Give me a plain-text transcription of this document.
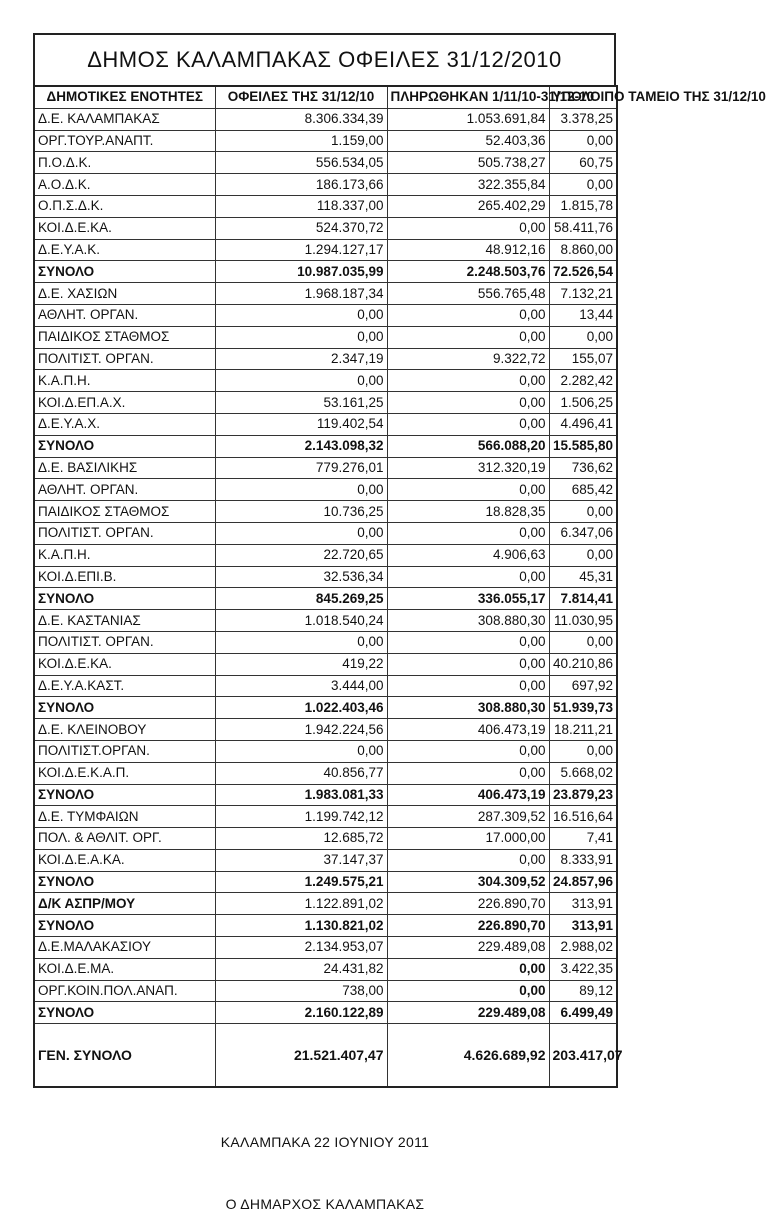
ΔΗΜΟΣ ΚΑΛΑΜΠΑΚΑΣ ΟΦΕΙΛΕΣ 31/12/2010
ΔΗΜΟΤΙΚΕΣ ΕΝΟΤΗΤΕΣ	ΟΦΕΙΛΕΣ ΤΗΣ 31/12/10	ΠΛΗΡΩΘΗΚΑΝ 1/11/10-31/12-10	ΥΠΟΛΟΙΠΟ ΤΑΜΕΙΟ ΤΗΣ 31/12/10
Δ.Ε. ΚΑΛΑΜΠΑΚΑΣ	8.306.334,39	1.053.691,84	3.378,25
ΟΡΓ.ΤΟΥΡ.ΑΝΑΠΤ.	1.159,00	52.403,36	0,00
Π.Ο.Δ.Κ.	556.534,05	505.738,27	60,75
Α.Ο.Δ.Κ.	186.173,66	322.355,84	0,00
Ο.Π.Σ.Δ.Κ.	118.337,00	265.402,29	1.815,78
ΚΟΙ.Δ.Ε.ΚΑ.	524.370,72	0,00	58.411,76
Δ.Ε.Υ.Α.Κ.	1.294.127,17	48.912,16	8.860,00
ΣΥΝΟΛΟ	10.987.035,99	2.248.503,76	72.526,54
Δ.Ε. ΧΑΣΙΩΝ	1.968.187,34	556.765,48	7.132,21
ΑΘΛΗΤ. ΟΡΓΑΝ.	0,00	0,00	13,44
ΠΑΙΔΙΚΟΣ ΣΤΑΘΜΟΣ	0,00	0,00	0,00
ΠΟΛΙΤΙΣΤ. ΟΡΓΑΝ.	2.347,19	9.322,72	155,07
Κ.Α.Π.Η.	0,00	0,00	2.282,42
ΚΟΙ.Δ.ΕΠ.Α.Χ.	53.161,25	0,00	1.506,25
Δ.Ε.Υ.Α.Χ.	119.402,54	0,00	4.496,41
ΣΥΝΟΛΟ	2.143.098,32	566.088,20	15.585,80
Δ.Ε. ΒΑΣΙΛΙΚΗΣ	779.276,01	312.320,19	736,62
ΑΘΛΗΤ. ΟΡΓΑΝ.	0,00	0,00	685,42
ΠΑΙΔΙΚΟΣ ΣΤΑΘΜΟΣ	10.736,25	18.828,35	0,00
ΠΟΛΙΤΙΣΤ. ΟΡΓΑΝ.	0,00	0,00	6.347,06
Κ.Α.Π.Η.	22.720,65	4.906,63	0,00
ΚΟΙ.Δ.ΕΠΙ.Β.	32.536,34	0,00	45,31
ΣΥΝΟΛΟ	845.269,25	336.055,17	7.814,41
Δ.Ε. ΚΑΣΤΑΝΙΑΣ	1.018.540,24	308.880,30	11.030,95
ΠΟΛΙΤΙΣΤ. ΟΡΓΑΝ.	0,00	0,00	0,00
ΚΟΙ.Δ.Ε.ΚΑ.	419,22	0,00	40.210,86
Δ.Ε.Υ.Α.ΚΑΣΤ.	3.444,00	0,00	697,92
ΣΥΝΟΛΟ	1.022.403,46	308.880,30	51.939,73
Δ.Ε. ΚΛΕΙΝΟΒΟΥ	1.942.224,56	406.473,19	18.211,21
ΠΟΛΙΤΙΣΤ.ΟΡΓΑΝ.	0,00	0,00	0,00
ΚΟΙ.Δ.Ε.Κ.Α.Π.	40.856,77	0,00	5.668,02
ΣΥΝΟΛΟ	1.983.081,33	406.473,19	23.879,23
Δ.Ε. ΤΥΜΦΑΙΩΝ	1.199.742,12	287.309,52	16.516,64
ΠΟΛ. & ΑΘΛΙΤ. ΟΡΓ.	12.685,72	17.000,00	7,41
ΚΟΙ.Δ.Ε.Α.ΚΑ.	37.147,37	0,00	8.333,91
ΣΥΝΟΛΟ	1.249.575,21	304.309,52	24.857,96
Δ/Κ ΑΣΠΡ/ΜΟΥ	1.122.891,02	226.890,70	313,91
ΣΥΝΟΛΟ	1.130.821,02	226.890,70	313,91
Δ.Ε.ΜΑΛΑΚΑΣΙΟΥ	2.134.953,07	229.489,08	2.988,02
ΚΟΙ.Δ.Ε.ΜΑ.	24.431,82	0,00	3.422,35
ΟΡΓ.ΚΟΙΝ.ΠΟΛ.ΑΝΑΠ.	738,00	0,00	89,12
ΣΥΝΟΛΟ	2.160.122,89	229.489,08	6.499,49
ΓΕΝ. ΣΥΝΟΛΟ	21.521.407,47	4.626.689,92	203.417,07
ΚΑΛΑΜΠΑΚΑ 22 ΙΟΥΝΙΟΥ 2011
Ο ΔΗΜΑΡΧΟΣ ΚΑΛΑΜΠΑΚΑΣ
